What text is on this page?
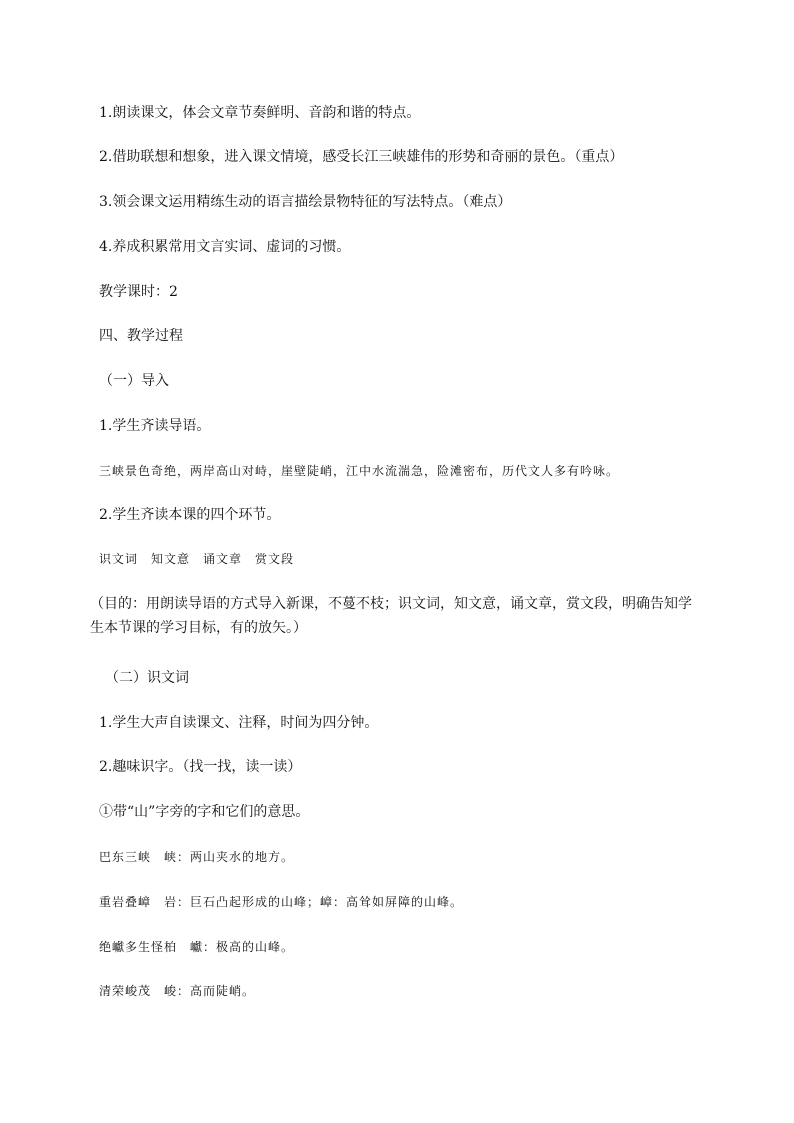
1.朗读课文，体会文章节奏鲜明、音韵和谐的特点。

2.借助联想和想象，进入课文情境，感受长江三峡雄伟的形势和奇丽的景色。（重点）

3.领会课文运用精练生动的语言描绘景物特征的写法特点。（难点）

4.养成积累常用文言实词、虚词的习惯。

教学课时：2

四、教学过程

（一）导入

1.学生齐读导语。

三峡景色奇绝，两岸高山对峙，崖壁陡峭，江中水流湍急，险滩密布，历代文人多有吟咏。

2.学生齐读本课的四个环节。

识文词　知文意　诵文章　赏文段

（目的：用朗读导语的方式导入新课，不蔓不枝；识文词，知文意，诵文章，赏文段，明确告知学生本节课的学习目标，有的放矢。）

（二）识文词

1.学生大声自读课文、注释，时间为四分钟。

2.趣味识字。（找一找，读一读）

①带“山”字旁的字和它们的意思。

巴东三峡　峡：两山夹水的地方。

重岩叠嶂　岩：巨石凸起形成的山峰；嶂：高耸如屏障的山峰。

绝巘多生怪柏　巘：极高的山峰。

清荣峻茂　峻：高而陡峭。
